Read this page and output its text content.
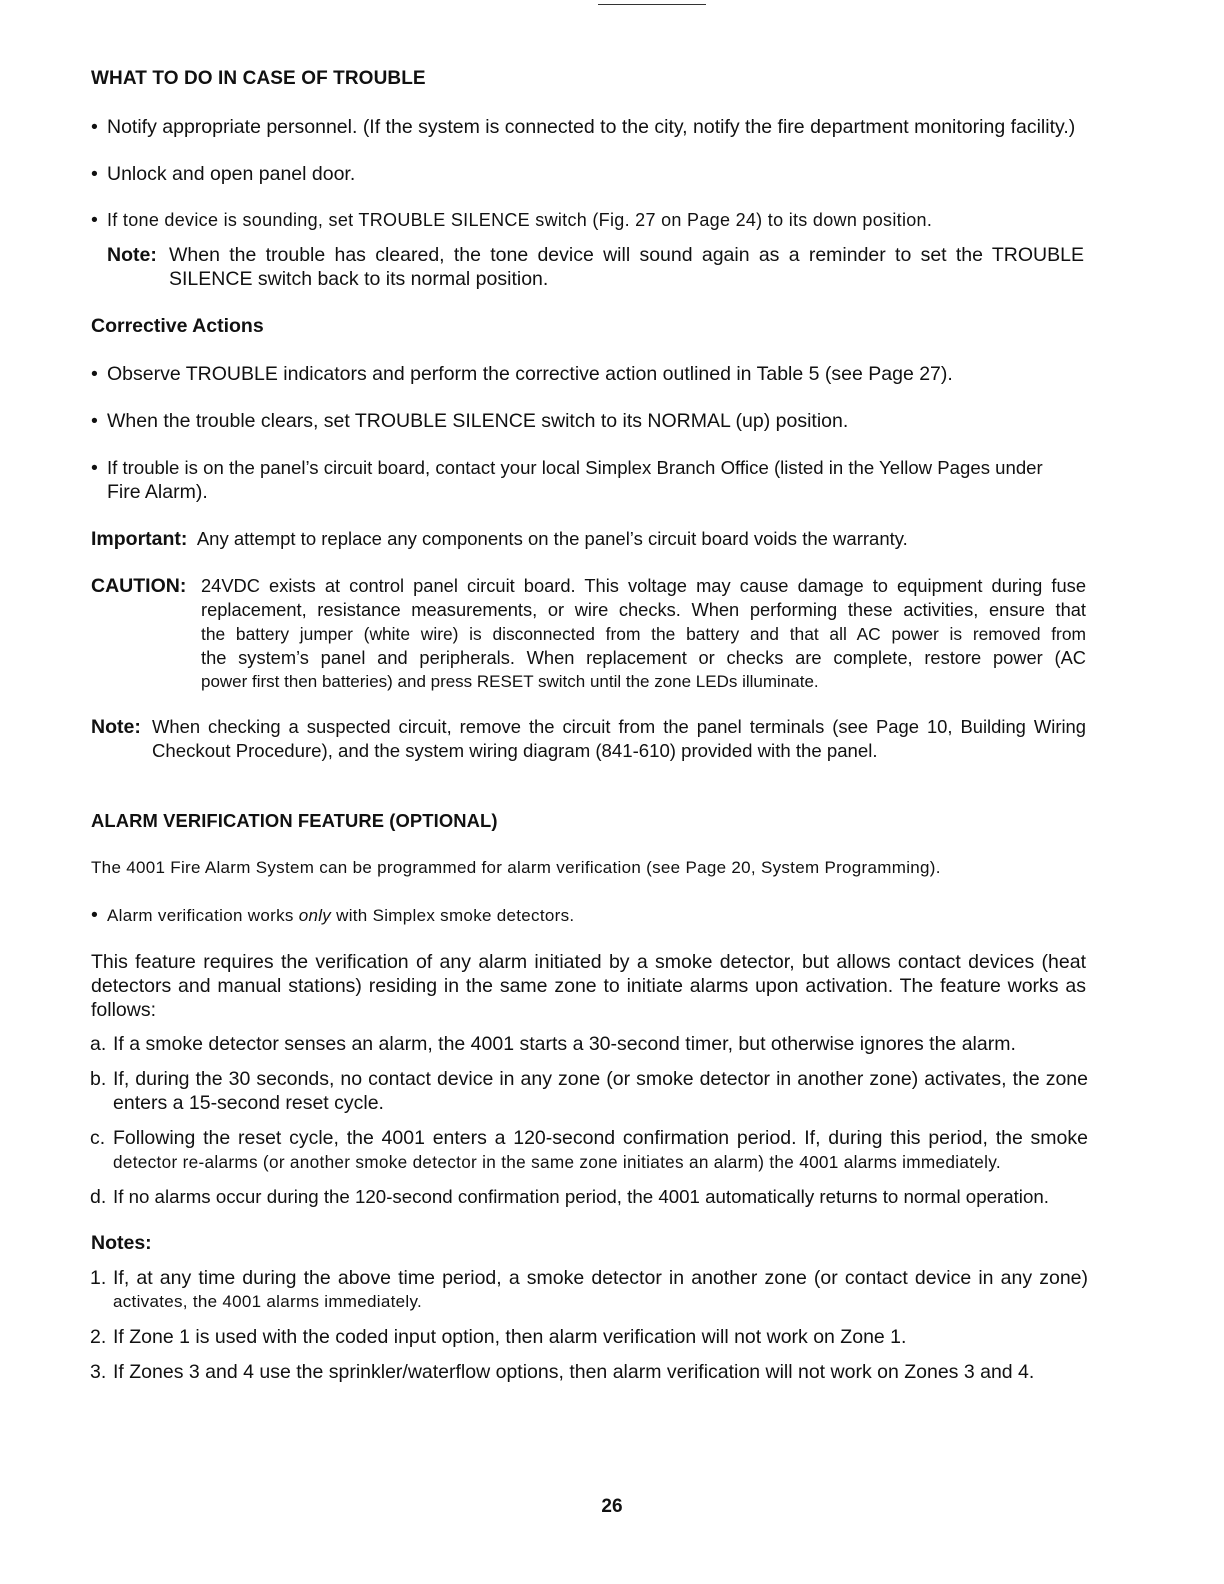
WHAT TO DO IN CASE OF TROUBLE
• Notify appropriate personnel. (If the system is connected to the city, notify the fire department monitoring facility.)
• Unlock and open panel door.
• If tone device is sounding, set TROUBLE SILENCE switch (Fig. 27 on Page 24) to its down position.
Note: When the trouble has cleared, the tone device will sound again as a reminder to set the TROUBLE
SILENCE switch back to its normal position.
Corrective Actions
• Observe TROUBLE indicators and perform the corrective action outlined in Table 5 (see Page 27).
• When the trouble clears, set TROUBLE SILENCE switch to its NORMAL (up) position.
• If trouble is on the panel’s circuit board, contact your local Simplex Branch Office (listed in the Yellow Pages under
Fire Alarm).
Important: Any attempt to replace any components on the panel’s circuit board voids the warranty.
CAUTION: 24VDC exists at control panel circuit board. This voltage may cause damage to equipment during fuse
replacement, resistance measurements, or wire checks. When performing these activities, ensure that
the battery jumper (white wire) is disconnected from the battery and that all AC power is removed from
the system’s panel and peripherals. When replacement or checks are complete, restore power (AC
power first then batteries) and press RESET switch until the zone LEDs illuminate.
Note: When checking a suspected circuit, remove the circuit from the panel terminals (see Page 10, Building Wiring
Checkout Procedure), and the system wiring diagram (841-610) provided with the panel.
ALARM VERIFICATION FEATURE (OPTIONAL)
The 4001 Fire Alarm System can be programmed for alarm verification (see Page 20, System Programming).
• Alarm verification works only with Simplex smoke detectors.
This feature requires the verification of any alarm initiated by a smoke detector, but allows contact devices (heat
detectors and manual stations) residing in the same zone to initiate alarms upon activation. The feature works as
follows:
a. If a smoke detector senses an alarm, the 4001 starts a 30-second timer, but otherwise ignores the alarm.
b. If, during the 30 seconds, no contact device in any zone (or smoke detector in another zone) activates, the zone
enters a 15-second reset cycle.
c. Following the reset cycle, the 4001 enters a 120-second confirmation period. If, during this period, the smoke
detector re-alarms (or another smoke detector in the same zone initiates an alarm) the 4001 alarms immediately.
d. If no alarms occur during the 120-second confirmation period, the 4001 automatically returns to normal operation.
Notes:
1. If, at any time during the above time period, a smoke detector in another zone (or contact device in any zone)
activates, the 4001 alarms immediately.
2. If Zone 1 is used with the coded input option, then alarm verification will not work on Zone 1.
3. If Zones 3 and 4 use the sprinkler/waterflow options, then alarm verification will not work on Zones 3 and 4.
26
